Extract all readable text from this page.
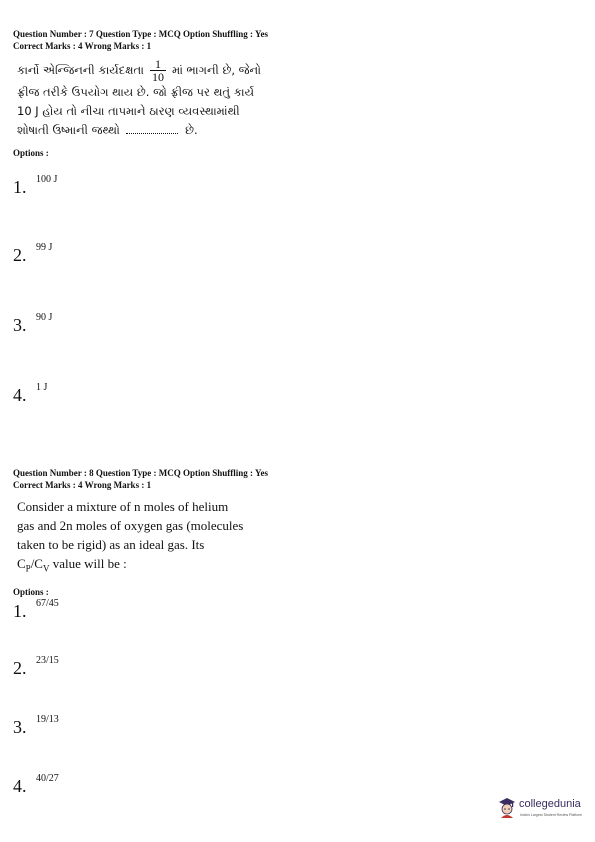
Question Number : 7 Question Type : MCQ Option Shuffling : Yes
Correct Marks : 4 Wrong Marks : 1
કાર્નો એન્જિનની કાર્યદક્ષતા $\frac{1}{10}$ માં ભાગની છે, જેનો
ફ્રીજ તરીકે ઉપયોગ થાય છે. જો ફ્રીજ પર થતું કાર્ય
10 J હોય તો નીચા તાપમાને ઠારણ વ્યવસ્થામાંથી
શોષાતી ઉષ્માની જથ્થો	છે.
Options :
1. 100 J
2. 99 J
3. 90 J
4. 1 J
Question Number : 8 Question Type : MCQ Option Shuffling : Yes
Correct Marks : 4 Wrong Marks : 1
Consider a mixture of n moles of helium
gas and 2n moles of oxygen gas (molecules
taken to be rigid) as an ideal gas. Its
$C_P/C_V$ value will be :
Options :
1. 67/45
2. 23/15
3. 19/13
4. 40/27
collegedunia
India's Largest Student Review Platform
